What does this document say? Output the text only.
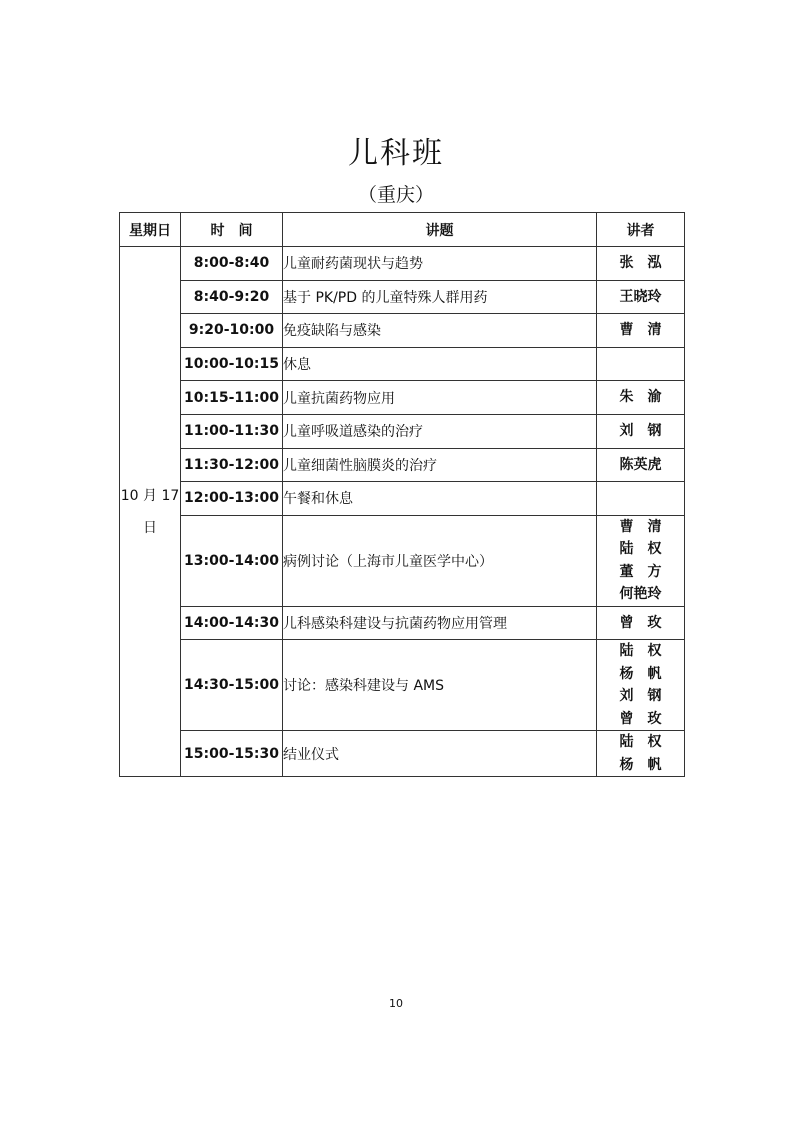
儿科班
（重庆）
星期日	时　间	讲题	讲者

10 月 17
日	8:00-8:40	儿童耐药菌现状与趋势	张　泓

	8:40-9:20	基于 PK/PD 的儿童特殊人群用药	王晓玲

	9:20-10:00	免疫缺陷与感染	曹　清

	10:00-10:15	休息	
	10:15-11:00	儿童抗菌药物应用	朱　渝

	11:00-11:30	儿童呼吸道感染的治疗	刘　钢

	11:30-12:00	儿童细菌性脑膜炎的治疗	陈英虎

	12:00-13:00	午餐和休息	
	13:00-14:00	病例讨论（上海市儿童医学中心）	曹　清
陆　权
董　方
何艳玲

	14:00-14:30	儿科感染科建设与抗菌药物应用管理	曾　玫

	14:30-15:00	讨论：感染科建设与 AMS	陆　权
杨　帆
刘　钢
曾　玫

	15:00-15:30	结业仪式	陆　权
杨　帆
10
